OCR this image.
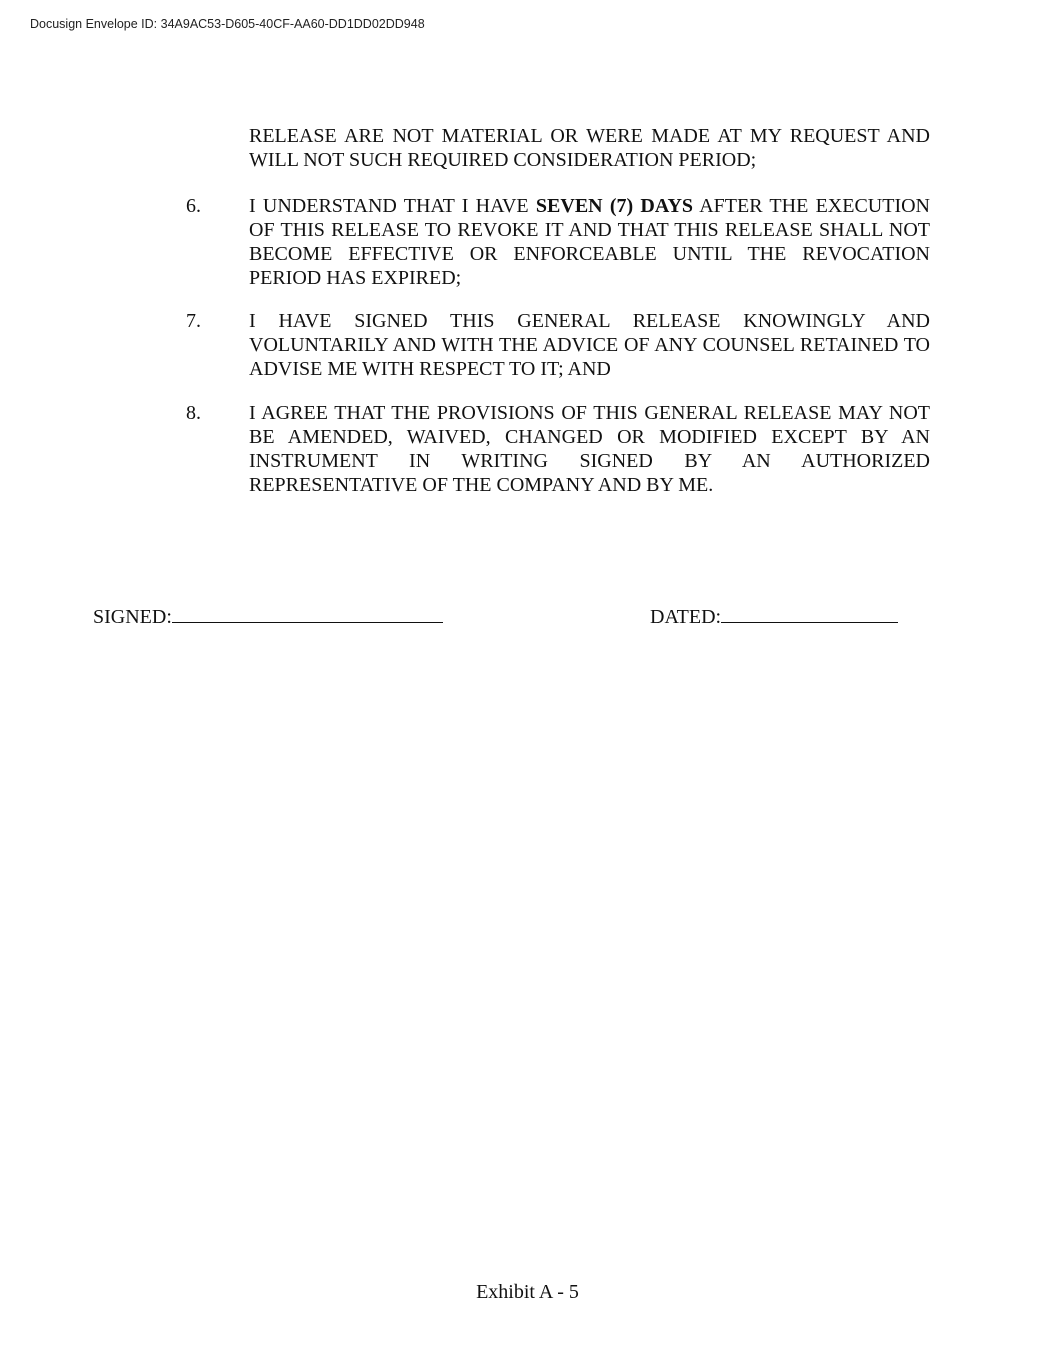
Docusign Envelope ID: 34A9AC53-D605-40CF-AA60-DD1DD02DD948
RELEASE ARE NOT MATERIAL OR WERE MADE AT MY REQUEST AND WILL NOT SUCH REQUIRED CONSIDERATION PERIOD;
6. I UNDERSTAND THAT I HAVE SEVEN (7) DAYS AFTER THE EXECUTION OF THIS RELEASE TO REVOKE IT AND THAT THIS RELEASE SHALL NOT BECOME EFFECTIVE OR ENFORCEABLE UNTIL THE REVOCATION PERIOD HAS EXPIRED;
7. I HAVE SIGNED THIS GENERAL RELEASE KNOWINGLY AND VOLUNTARILY AND WITH THE ADVICE OF ANY COUNSEL RETAINED TO ADVISE ME WITH RESPECT TO IT; AND
8. I AGREE THAT THE PROVISIONS OF THIS GENERAL RELEASE MAY NOT BE AMENDED, WAIVED, CHANGED OR MODIFIED EXCEPT BY AN INSTRUMENT IN WRITING SIGNED BY AN AUTHORIZED REPRESENTATIVE OF THE COMPANY AND BY ME.
SIGNED:	DATED:
Exhibit A - 5
